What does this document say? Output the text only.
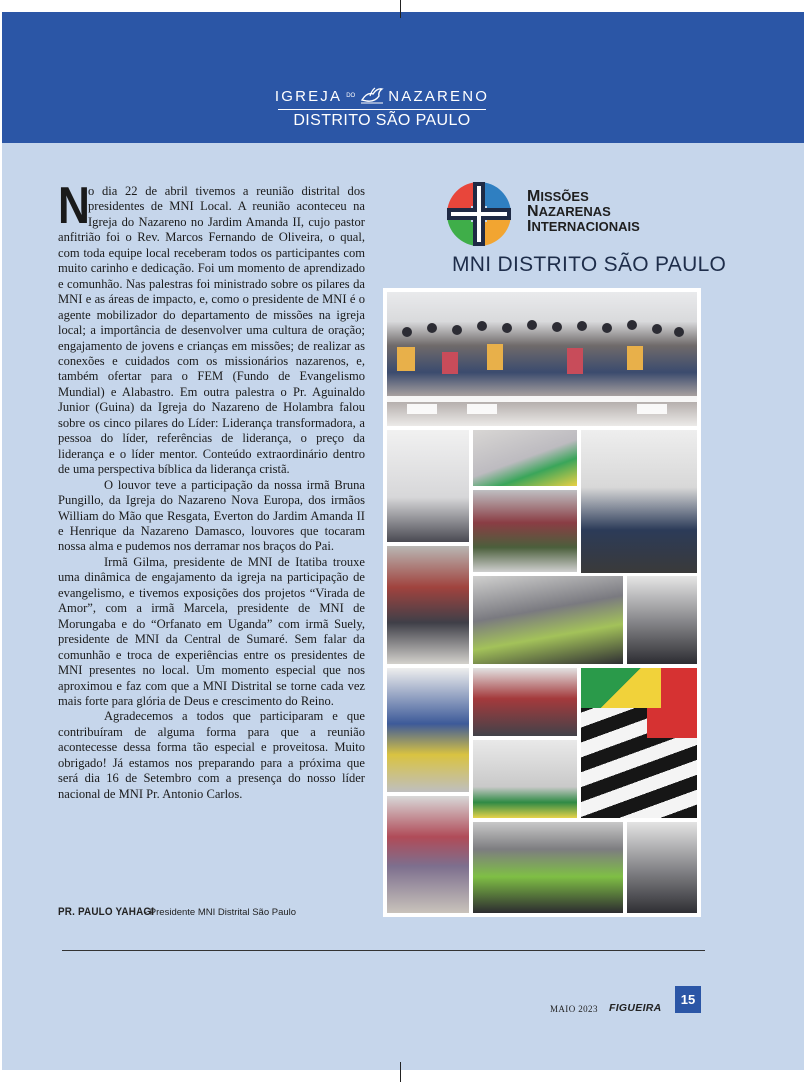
IGREJA DO NAZARENO
DISTRITO SÃO PAULO

N
o dia 22 de abril tivemos a reunião distrital dos presidentes de MNI Local. A reunião aconteceu na Igreja do Nazareno no Jardim Amanda II, cujo pastor anfitrião foi o Rev. Marcos Fernando de Oliveira, o qual, com toda equipe local receberam todos os participantes com muito carinho e dedicação. Foi um momento de aprendizado e comunhão. Nas palestras foi ministrado sobre os pilares da MNI e as áreas de impacto, e, como o presidente de MNI é o agente mobilizador do departamento de missões na igreja local; a importância de desenvolver uma cultura de oração; engajamento de jovens e crianças em missões; de realizar as conexões e cuidados com os missionários nazarenos, e, também ofertar para o FEM (Fundo de Evangelismo Mundial) e Alabastro. Em outra palestra o Pr. Aguinaldo Junior (Guina) da Igreja do Nazareno de Holambra falou sobre os cinco pilares do Líder: Liderança transformadora, a pessoa do líder, referências de liderança, o preço da liderança e o líder mentor. Conteúdo extraordinário dentro de uma perspectiva bíblica da liderança cristã.

O louvor teve a participação da nossa irmã Bruna Pungillo, da Igreja do Nazareno Nova Europa, dos irmãos William do Mão que Resgata, Everton do Jardim Amanda II e Henrique da Nazareno Damasco, louvores que tocaram nossa alma e pudemos nos derramar nos braços do Pai.

Irmã Gilma, presidente de MNI de Itatiba trouxe uma dinâmica de engajamento da igreja na participação de evangelismo, e tivemos exposições dos projetos “Virada de Amor”, com a irmã Marcela, presidente de MNI de Morungaba e do “Orfanato em Uganda” com irmã Suely, presidente de MNI da Central de Sumaré. Sem falar da comunhão e troca de experiências entre os presidentes de MNI presentes no local. Um momento especial que nos aproximou e faz com que a MNI Distrital se torne cada vez mais forte para glória de Deus e crescimento do Reino.

Agradecemos a todos que participaram e que contribuíram de alguma forma para que a reunião acontecesse dessa forma tão especial e proveitosa. Muito obrigado! Já estamos nos preparando para a próxima que será dia 16 de Setembro com a presença do nosso líder nacional de MNI Pr. Antonio Carlos.

PR. PAULO YAHAGI
- Presidente MNI Distrital São Paulo
MISSÕES
NAZARENAS
INTERNACIONAIS
MNI DISTRITO SÃO PAULO
MAIO 2023 FIGUEIRA
15
